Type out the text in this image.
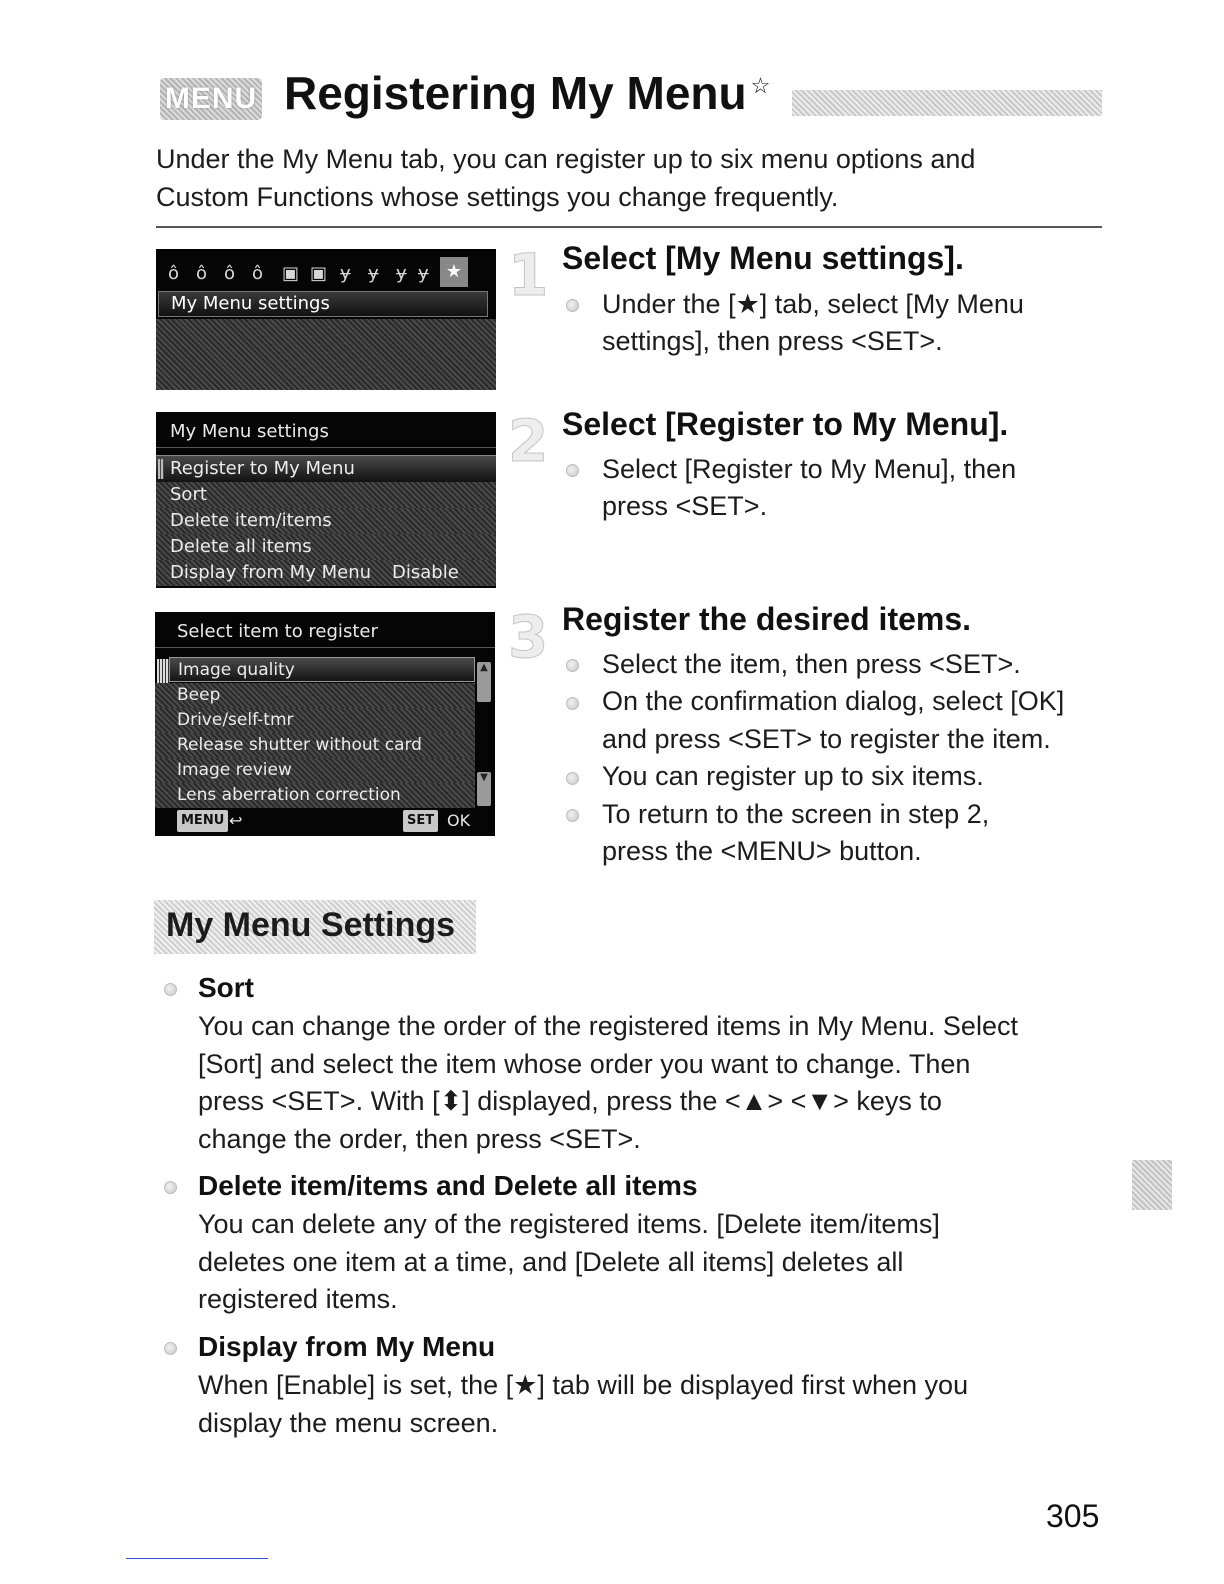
MENU Registering My Menu ☆
Under the My Menu tab, you can register up to six menu options and
Custom Functions whose settings you change frequently.
ô ô ô ô ▣ ▣ ɏ ɏ ɏ ɏ ★
My Menu settings
My Menu settings
Register to My Menu
Sort
Delete item/items
Delete all items
Display from My Menu Disable
Select item to register
Image quality
Beep
Drive/self-tmr
Release shutter without card
Image review
Lens aberration correction
▲
▼
MENU ↩	SET OK
1 Select [My Menu settings].
Under the [★] tab, select [My Menu
settings], then press <SET>.
2 Select [Register to My Menu].
Select [Register to My Menu], then
press <SET>.
3 Register the desired items.
Select the item, then press <SET>.
On the confirmation dialog, select [OK]
and press <SET> to register the item.
You can register up to six items.
To return to the screen in step 2,
press the <MENU> button.
My Menu Settings
Sort
You can change the order of the registered items in My Menu. Select
[Sort] and select the item whose order you want to change. Then
press <SET>. With [⬍] displayed, press the <▲> <▼> keys to
change the order, then press <SET>.
Delete item/items and Delete all items
You can delete any of the registered items. [Delete item/items]
deletes one item at a time, and [Delete all items] deletes all
registered items.
Display from My Menu
When [Enable] is set, the [★] tab will be displayed first when you
display the menu screen.
305
